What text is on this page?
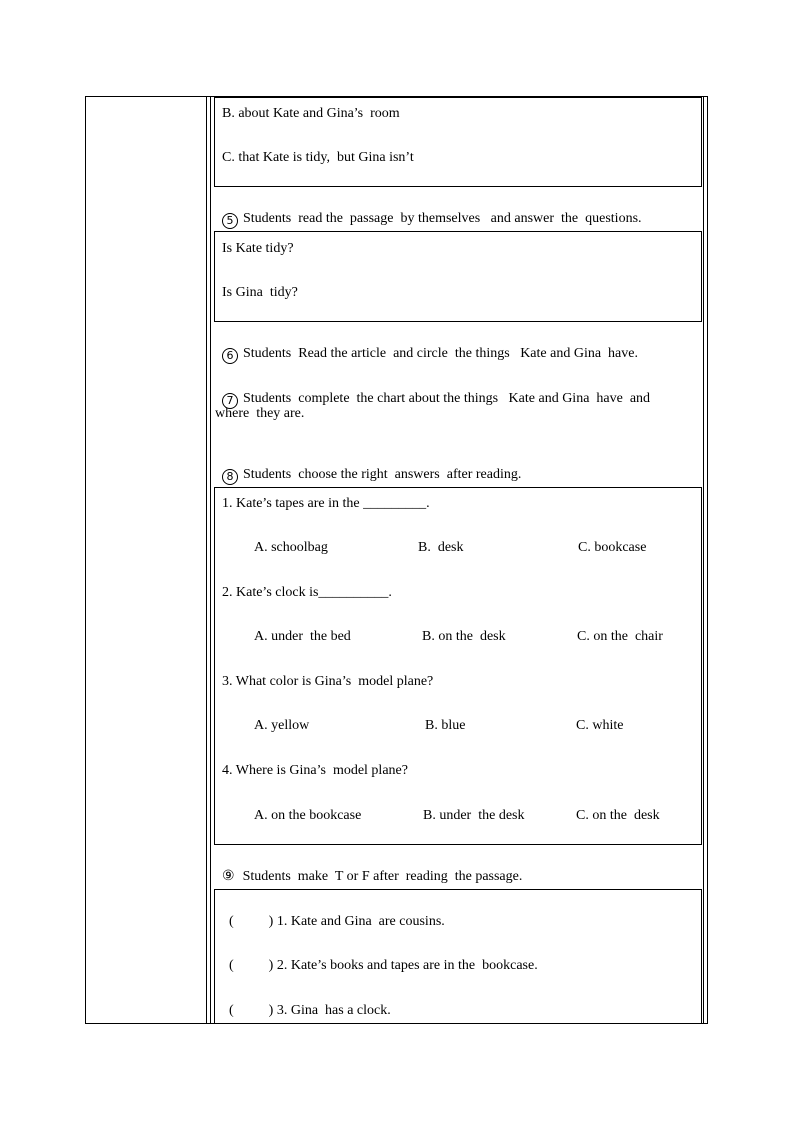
B. about Kate and Gina’s  room
C. that Kate is tidy,  but Gina isn’t

5 Students  read the  passage  by themselves   and answer  the  questions.

Is Kate tidy?
Is Gina  tidy?

6 Students  Read the article  and circle  the things   Kate and Gina  have.

7 Students  complete  the chart about the things   Kate and Gina  have  and

where  they are.

8 Students  choose the right  answers  after reading.

1. Kate’s tapes are in the _________.
A. schoolbag	B.  desk	C. bookcase
2. Kate’s clock is__________.
A. under  the bed	B. on the  desk	C. on the  chair
3. What color is Gina’s  model plane?
A. yellow	B. blue	C. white
4. Where is Gina’s  model plane?
A. on the bookcase	B. under  the desk	C. on the  desk

⑨ Students  make  T or F after  reading  the passage.

(          ) 1. Kate and Gina  are cousins.

(          ) 2. Kate’s books and tapes are in the  bookcase.

(          ) 3. Gina  has a clock.
